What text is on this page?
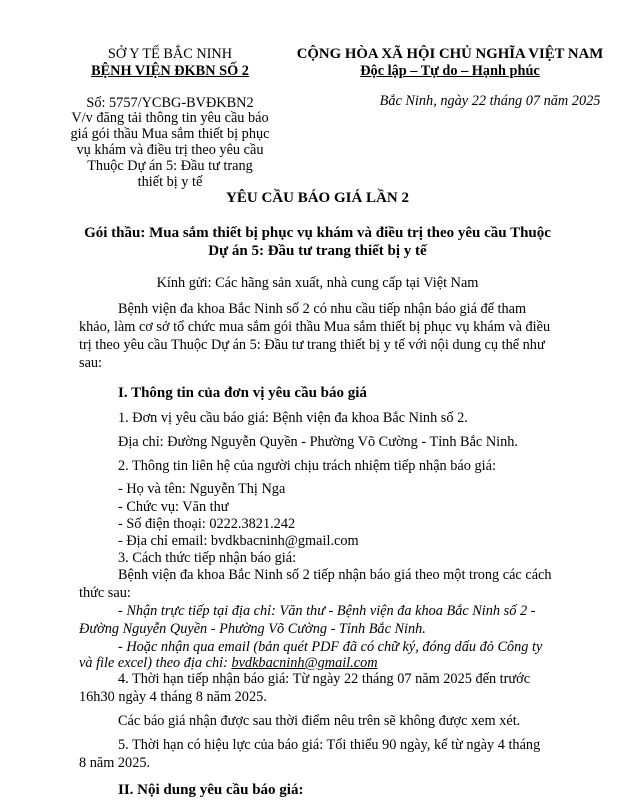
SỞ Y TẾ BẮC NINH
BỆNH VIỆN ĐKBN SỐ 2
Số: 5757/YCBG-BVĐKBN2
V/v đăng tải thông tin yêu cầu báo
giá gói thầu Mua sắm thiết bị phục
vụ khám và điều trị theo yêu cầu
Thuộc Dự án 5: Đầu tư trang
thiết bị y tế
CỘNG HÒA XÃ HỘI CHỦ NGHĨA VIỆT NAM
Độc lập – Tự do – Hạnh phúc
Bắc Ninh, ngày 22 tháng 07 năm 2025
YÊU CẦU BÁO GIÁ LẦN 2
Gói thầu: Mua sắm thiết bị phục vụ khám và điều trị theo yêu cầu Thuộc
Dự án 5: Đầu tư trang thiết bị y tế
Kính gửi: Các hãng sản xuất, nhà cung cấp tại Việt Nam
Bệnh viện đa khoa Bắc Ninh số 2 có nhu cầu tiếp nhận báo giá để tham
khảo, làm cơ sở tổ chức mua sắm gói thầu Mua sắm thiết bị phục vụ khám và điều
trị theo yêu cầu Thuộc Dự án 5: Đầu tư trang thiết bị y tế với nội dung cụ thể như
sau:
I. Thông tin của đơn vị yêu cầu báo giá
1. Đơn vị yêu cầu báo giá: Bệnh viện đa khoa Bắc Ninh số 2.
Địa chỉ: Đường Nguyễn Quyền - Phường Võ Cường - Tỉnh Bắc Ninh.
2. Thông tin liên hệ của người chịu trách nhiệm tiếp nhận báo giá:
- Họ và tên: Nguyễn Thị Nga
- Chức vụ: Văn thư
- Số điện thoại: 0222.3821.242
- Địa chỉ email: bvdkbacninh@gmail.com
3. Cách thức tiếp nhận báo giá:
Bệnh viện đa khoa Bắc Ninh số 2 tiếp nhận báo giá theo một trong các cách
thức sau:
- Nhận trực tiếp tại địa chỉ: Văn thư - Bệnh viện đa khoa Bắc Ninh số 2 -
Đường Nguyễn Quyền - Phường Võ Cường - Tỉnh Bắc Ninh.
- Hoặc nhận qua email (bản quét PDF đã có chữ ký, đóng dấu đỏ Công ty
và file excel) theo địa chỉ: bvdkbacninh@gmail.com
4. Thời hạn tiếp nhận báo giá: Từ ngày 22 tháng 07 năm 2025 đến trước
16h30 ngày 4 tháng 8 năm 2025.
Các báo giá nhận được sau thời điểm nêu trên sẽ không được xem xét.
5. Thời hạn có hiệu lực của báo giá: Tối thiểu 90 ngày, kể từ ngày 4 tháng
8 năm 2025.
II. Nội dung yêu cầu báo giá:
